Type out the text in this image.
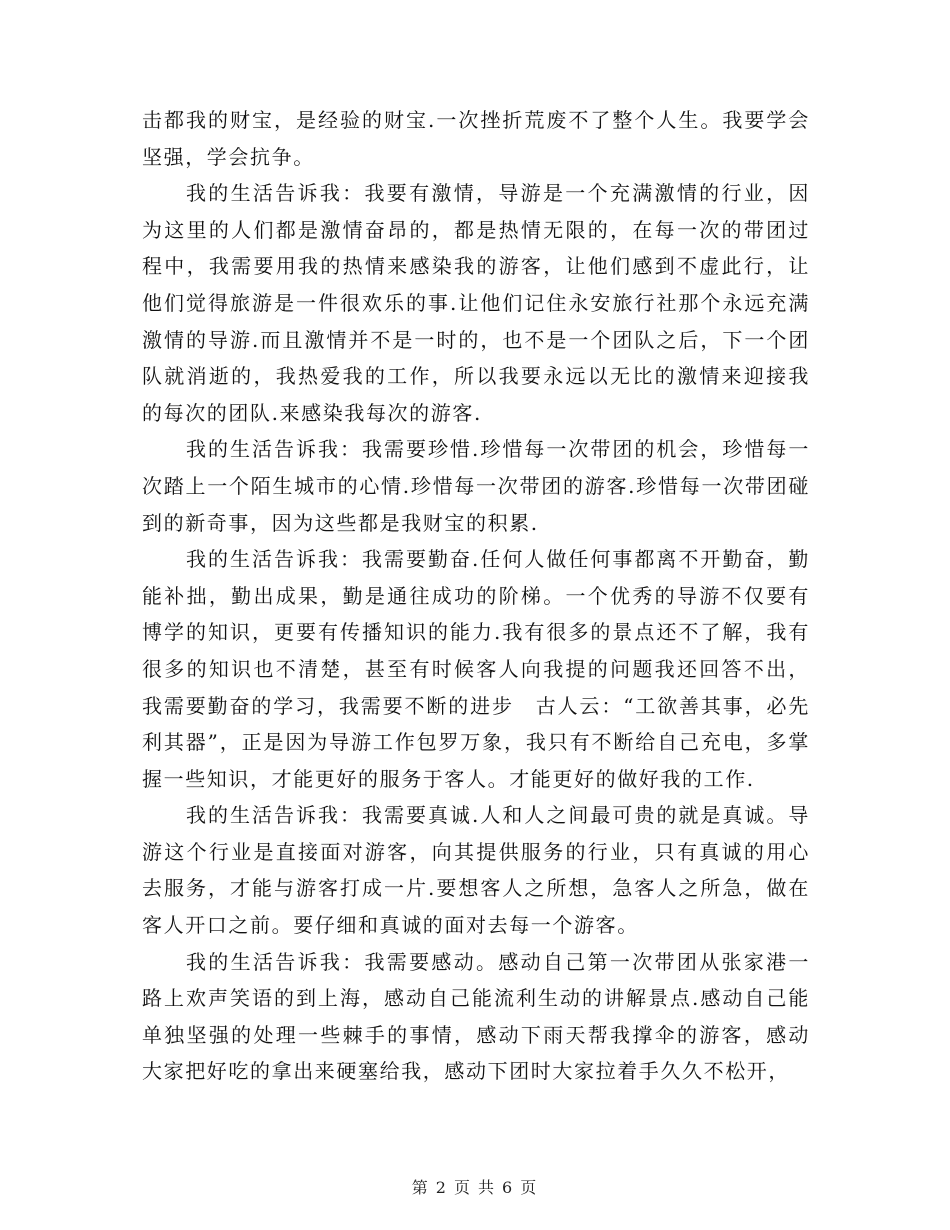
击都我的财宝，是经验的财宝.一次挫折荒废不了整个人生。我要学会坚强，学会抗争。

我的生活告诉我：我要有激情，导游是一个充满激情的行业，因为这里的人们都是激情奋昂的，都是热情无限的，在每一次的带团过程中，我需要用我的热情来感染我的游客，让他们感到不虚此行，让他们觉得旅游是一件很欢乐的事.让他们记住永安旅行社那个永远充满激情的导游.而且激情并不是一时的，也不是一个团队之后，下一个团队就消逝的，我热爱我的工作，所以我要永远以无比的激情来迎接我的每次的团队.来感染我每次的游客.

我的生活告诉我：我需要珍惜.珍惜每一次带团的机会，珍惜每一次踏上一个陌生城市的心情.珍惜每一次带团的游客.珍惜每一次带团碰到的新奇事，因为这些都是我财宝的积累.

我的生活告诉我：我需要勤奋.任何人做任何事都离不开勤奋，勤能补拙，勤出成果，勤是通往成功的阶梯。一个优秀的导游不仅要有博学的知识，更要有传播知识的能力.我有很多的景点还不了解，我有很多的知识也不清楚，甚至有时候客人向我提的问题我还回答不出，我需要勤奋的学习，我需要不断的进步　古人云：“工欲善其事，必先利其器”，正是因为导游工作包罗万象，我只有不断给自己充电，多掌握一些知识，才能更好的服务于客人。才能更好的做好我的工作.

我的生活告诉我：我需要真诚.人和人之间最可贵的就是真诚。导游这个行业是直接面对游客，向其提供服务的行业，只有真诚的用心去服务，才能与游客打成一片.要想客人之所想，急客人之所急，做在客人开口之前。要仔细和真诚的面对去每一个游客。

我的生活告诉我：我需要感动。感动自己第一次带团从张家港一路上欢声笑语的到上海，感动自己能流利生动的讲解景点.感动自己能单独坚强的处理一些棘手的事情，感动下雨天帮我撑伞的游客，感动大家把好吃的拿出来硬塞给我，感动下团时大家拉着手久久不松开，

第 2 页 共 6 页
